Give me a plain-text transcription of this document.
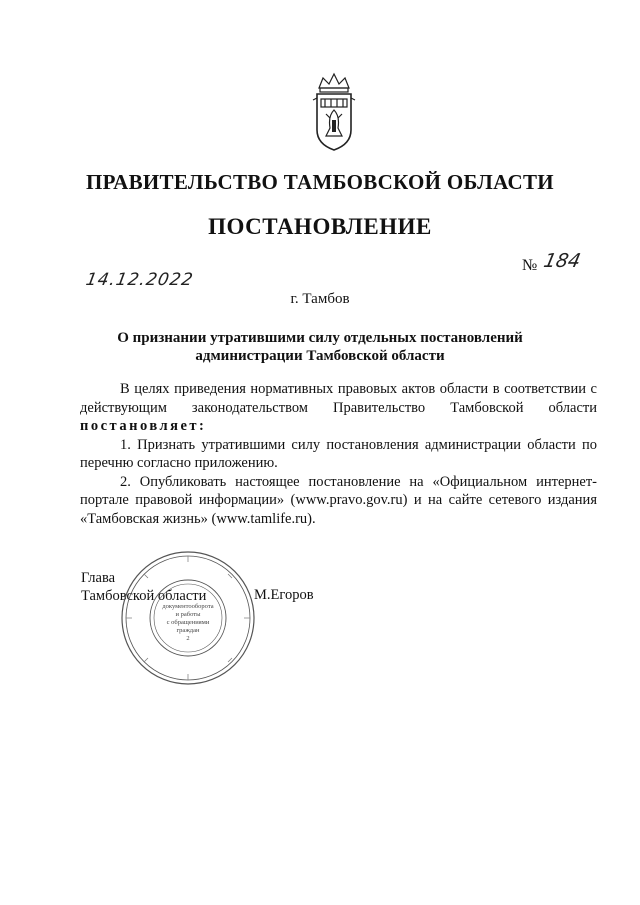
ПРАВИТЕЛЬСТВО ТАМБОВСКОЙ ОБЛАСТИ
ПОСТАНОВЛЕНИЕ
14.12.2022
№ 184
г. Тамбов
О признании утратившими силу отдельных постановлений
администрации Тамбовской области

В целях приведения нормативных правовых актов области в соответствии с действующим законодательством Правительство Тамбовской области постановляет:

1. Признать утратившими силу постановления администрации области по перечню согласно приложению.

2. Опубликовать настоящее постановление на «Официальном интернет-портале правовой информации» (www.pravo.gov.ru) и на сайте сетевого издания «Тамбовская жизнь» (www.tamlife.ru).

Глава
Тамбовской области	М.Егоров
документооборота
и работы
с обращениями
граждан
2
